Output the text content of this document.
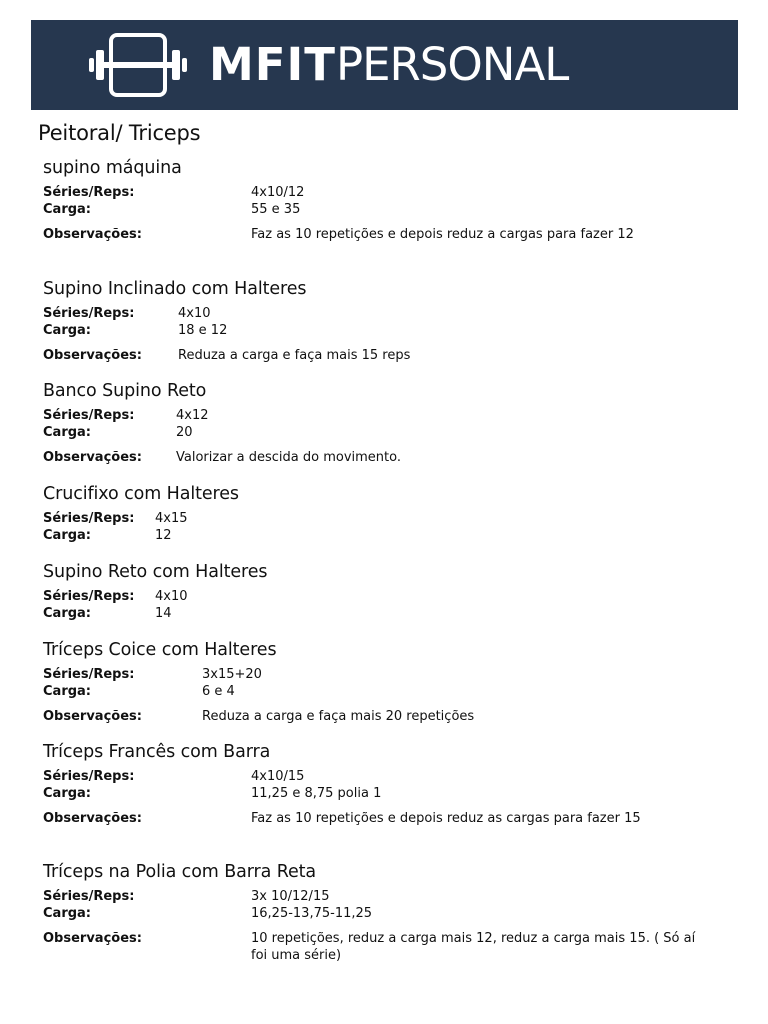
MFITPERSONAL
Peitoral/ Triceps
supino máquina
Séries/Reps:	4x10/12
Carga:	55 e 35
Observações:	Faz as 10 repetições e depois reduz a cargas para fazer 12
Supino Inclinado com Halteres
Séries/Reps:	4x10
Carga:	18 e 12
Observações:	Reduza a carga e faça mais 15 reps
Banco Supino Reto
Séries/Reps:	4x12
Carga:	20
Observações:	Valorizar a descida do movimento.
Crucifixo com Halteres
Séries/Reps: 4x15
Carga:	12
Supino Reto com Halteres
Séries/Reps: 4x10
Carga:	14
Tríceps Coice com Halteres
Séries/Reps:	3x15+20
Carga:	6 e 4
Observações:	Reduza a carga e faça mais 20 repetições
Tríceps Francês com Barra
Séries/Reps:	4x10/15
Carga:	11,25 e 8,75 polia 1
Observações:	Faz as 10 repetições e depois reduz as cargas para fazer 15
Tríceps na Polia com Barra Reta
Séries/Reps:	3x 10/12/15
Carga:	16,25-13,75-11,25
Observações:	10 repetições, reduz a carga mais 12, reduz a carga mais 15. ( Só aí foi uma série)
